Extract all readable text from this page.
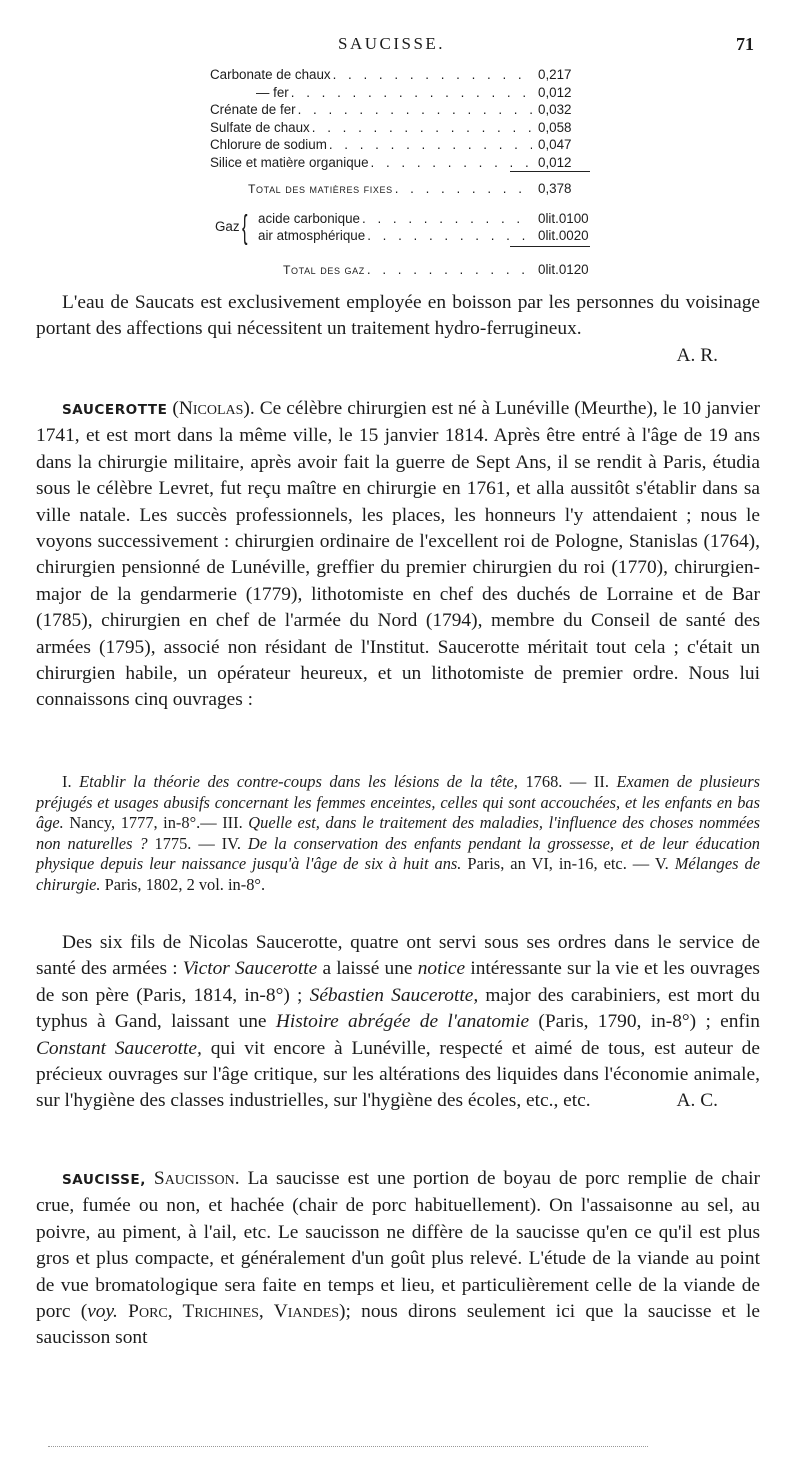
SAUCISSE.	71
Carbonate de chaux . . .	0,217
— fer . . .	0,012
Crénate de fer . . .	0,032
Sulfate de chaux . . .	0,058
Chlorure de sodium . . .	0,047
Silice et matière organique . . .	0,012
Total des matières fixes . . .	0,378
Gaz { acide carbonique . . .	0lit.0100
air atmosphérique . . .	0lit.0020
Total des gaz . . .	0lit.0120

L'eau de Saucats est exclusivement employée en boisson par les personnes du voisinage portant des affections qui nécessitent un traitement hydro-ferrugineux.

A. R.

SAUCEROTTE (Nicolas). Ce célèbre chirurgien est né à Lunéville (Meurthe), le 10 janvier 1741, et est mort dans la même ville, le 15 janvier 1814. Après être entré à l'âge de 19 ans dans la chirurgie militaire, après avoir fait la guerre de Sept Ans, il se rendit à Paris, étudia sous le célèbre Levret, fut reçu maître en chirurgie en 1761, et alla aussitôt s'établir dans sa ville natale. Les succès professionnels, les places, les honneurs l'y attendaient ; nous le voyons successivement : chirurgien ordinaire de l'excellent roi de Pologne, Stanislas (1764), chirurgien pensionné de Lunéville, greffier du premier chirurgien du roi (1770), chirurgien-major de la gendarmerie (1779), lithotomiste en chef des duchés de Lorraine et de Bar (1785), chirurgien en chef de l'armée du Nord (1794), membre du Conseil de santé des armées (1795), associé non résidant de l'Institut. Saucerotte méritait tout cela ; c'était un chirurgien habile, un opérateur heureux, et un lithotomiste de premier ordre. Nous lui connaissons cinq ouvrages :

I. Etablir la théorie des contre-coups dans les lésions de la tête, 1768. — II. Examen de plusieurs préjugés et usages abusifs concernant les femmes enceintes, celles qui sont accouchées, et les enfants en bas âge. Nancy, 1777, in-8°.— III. Quelle est, dans le traitement des maladies, l'influence des choses nommées non naturelles ? 1775. — IV. De la conservation des enfants pendant la grossesse, et de leur éducation physique depuis leur naissance jusqu'à l'âge de six à huit ans. Paris, an VI, in-16, etc. — V. Mélanges de chirurgie. Paris, 1802, 2 vol. in-8°.

Des six fils de Nicolas Saucerotte, quatre ont servi sous ses ordres dans le service de santé des armées : Victor Saucerotte a laissé une notice intéressante sur la vie et les ouvrages de son père (Paris, 1814, in-8°) ; Sébastien Saucerotte, major des carabiniers, est mort du typhus à Gand, laissant une Histoire abrégée de l'anatomie (Paris, 1790, in-8°) ; enfin Constant Saucerotte, qui vit encore à Lunéville, respecté et aimé de tous, est auteur de précieux ouvrages sur l'âge critique, sur les altérations des liquides dans l'économie animale, sur l'hygiène des classes industrielles, sur l'hygiène des écoles, etc., etc.	A. C.

SAUCISSE, Saucisson. La saucisse est une portion de boyau de porc remplie de chair crue, fumée ou non, et hachée (chair de porc habituellement). On l'assaisonne au sel, au poivre, au piment, à l'ail, etc. Le saucisson ne diffère de la saucisse qu'en ce qu'il est plus gros et plus compacte, et généralement d'un goût plus relevé. L'étude de la viande au point de vue bromatologique sera faite en temps et lieu, et particulièrement celle de la viande de porc (voy. Porc, Trichines, Viandes); nous dirons seulement ici que la saucisse et le saucisson sont
